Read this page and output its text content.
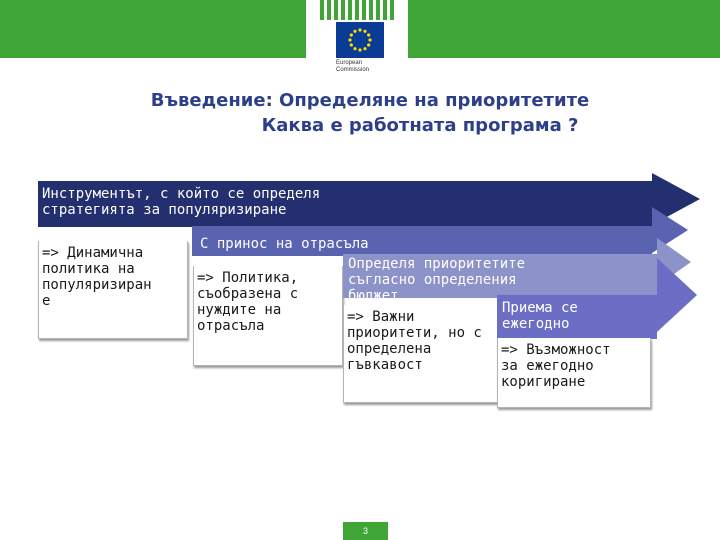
European
Commission
Въведение: Определяне на приоритетите
Каква е работната програма ?
Инструментът, с който се определя
стратегията за популяризиране
=> Динамична
политика на
популяризиран
е
С принос на отрасъла
=> Политика,
съобразена с
нуждите на
отрасъла
Определя приоритетите
съгласно определения
бюджет
=> Важни
приоритети, но с
определена
гъвкавост
Приема се
ежегодно
=> Възможност
за ежегодно
коригиране
3
